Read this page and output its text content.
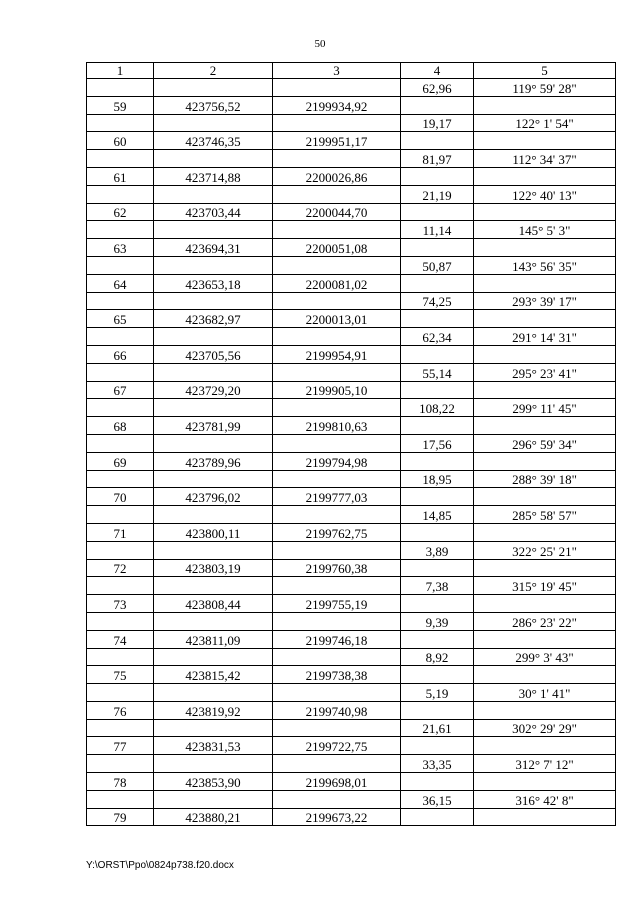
50
1	2	3	4	5
			62,96	119° 59' 28"
59	423756,52	2199934,92		
			19,17	122° 1' 54"
60	423746,35	2199951,17		
			81,97	112° 34' 37"
61	423714,88	2200026,86		
			21,19	122° 40' 13"
62	423703,44	2200044,70		
			11,14	145° 5' 3"
63	423694,31	2200051,08		
			50,87	143° 56' 35"
64	423653,18	2200081,02		
			74,25	293° 39' 17"
65	423682,97	2200013,01		
			62,34	291° 14' 31"
66	423705,56	2199954,91		
			55,14	295° 23' 41"
67	423729,20	2199905,10		
			108,22	299° 11' 45"
68	423781,99	2199810,63		
			17,56	296° 59' 34"
69	423789,96	2199794,98		
			18,95	288° 39' 18"
70	423796,02	2199777,03		
			14,85	285° 58' 57"
71	423800,11	2199762,75		
			3,89	322° 25' 21"
72	423803,19	2199760,38		
			7,38	315° 19' 45"
73	423808,44	2199755,19		
			9,39	286° 23' 22"
74	423811,09	2199746,18		
			8,92	299° 3' 43"
75	423815,42	2199738,38		
			5,19	30° 1' 41"
76	423819,92	2199740,98		
			21,61	302° 29' 29"
77	423831,53	2199722,75		
			33,35	312° 7' 12"
78	423853,90	2199698,01		
			36,15	316° 42' 8"
79	423880,21	2199673,22		
Y:\ORST\Ppo\0824p738.f20.docx
